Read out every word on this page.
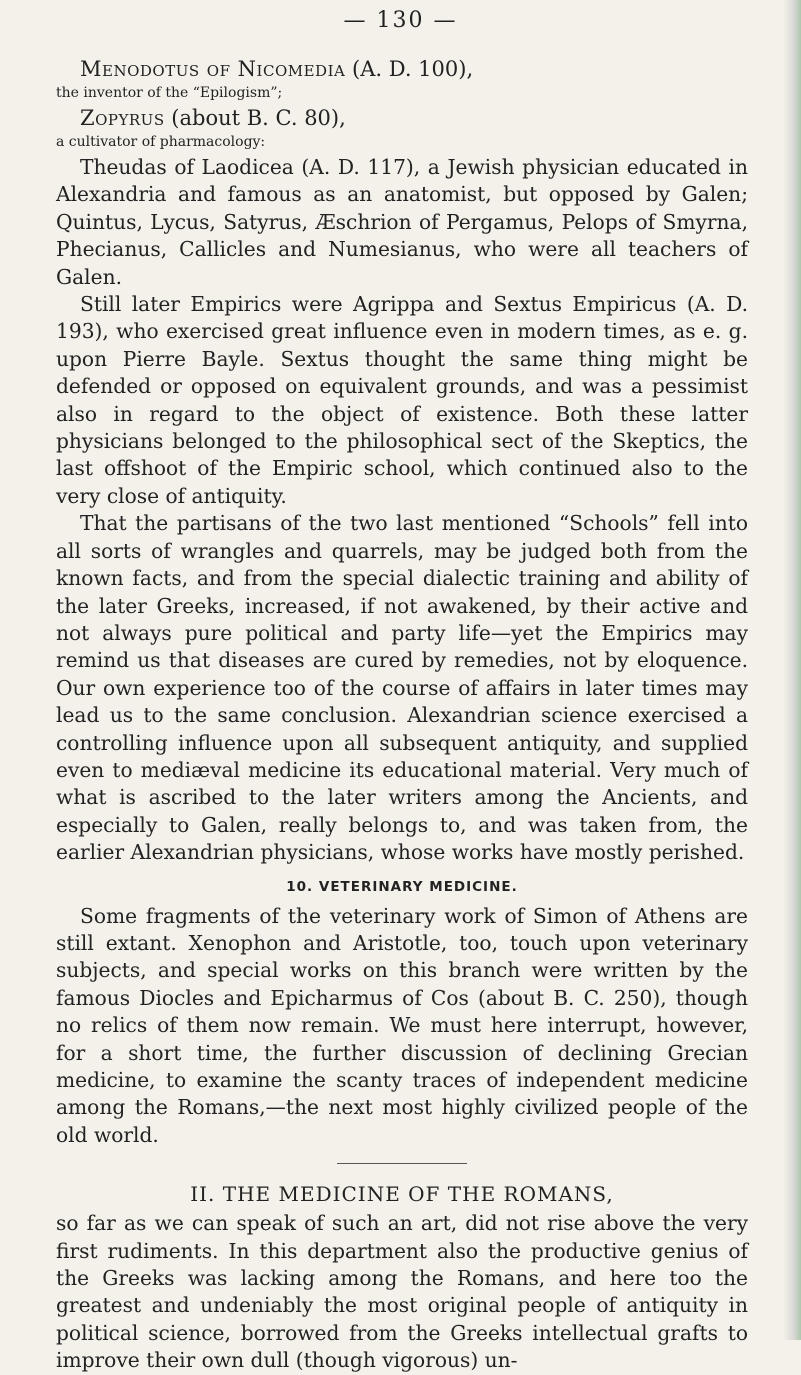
— 130 —
Menodotus of Nicomedia (A. D. 100),
the inventor of the “Epilogism”;
Zopyrus (about B. C. 80),
a cultivator of pharmacology:

Theudas of Laodicea (A. D. 117), a Jewish physician educated in Alexandria and famous as an anatomist, but opposed by Galen; Quintus, Lycus, Satyrus, Æschrion of Pergamus, Pelops of Smyrna, Phecianus, Callicles and Numesianus, who were all teachers of Galen.

Still later Empirics were Agrippa and Sextus Empiricus (A. D. 193), who exercised great influence even in modern times, as e. g. upon Pierre Bayle. Sextus thought the same thing might be defended or opposed on equivalent grounds, and was a pessimist also in regard to the object of existence. Both these latter physicians belonged to the philosophical sect of the Skeptics, the last offshoot of the Empiric school, which continued also to the very close of antiquity.

That the partisans of the two last mentioned “Schools” fell into all sorts of wrangles and quarrels, may be judged both from the known facts, and from the special dialectic training and ability of the later Greeks, increased, if not awakened, by their active and not always pure political and party life—yet the Empirics may remind us that diseases are cured by remedies, not by eloquence. Our own experience too of the course of affairs in later times may lead us to the same conclusion. Alexandrian science exercised a controlling influence upon all subsequent antiquity, and supplied even to mediæval medicine its educational material. Very much of what is ascribed to the later writers among the Ancients, and especially to Galen, really belongs to, and was taken from, the earlier Alexandrian physicians, whose works have mostly perished.

10. VETERINARY MEDICINE.

Some fragments of the veterinary work of Simon of Athens are still extant. Xenophon and Aristotle, too, touch upon veterinary subjects, and special works on this branch were written by the famous Diocles and Epicharmus of Cos (about B. C. 250), though no relics of them now remain. We must here interrupt, however, for a short time, the further discussion of declining Grecian medicine, to examine the scanty traces of independent medicine among the Romans,—the next most highly civilized people of the old world.

II. THE MEDICINE OF THE ROMANS,

so far as we can speak of such an art, did not rise above the very first rudiments. In this department also the productive genius of the Greeks was lacking among the Romans, and here too the greatest and undeniably the most original people of antiquity in political science, borrowed from the Greeks intellectual grafts to improve their own dull (though vigorous) un-
